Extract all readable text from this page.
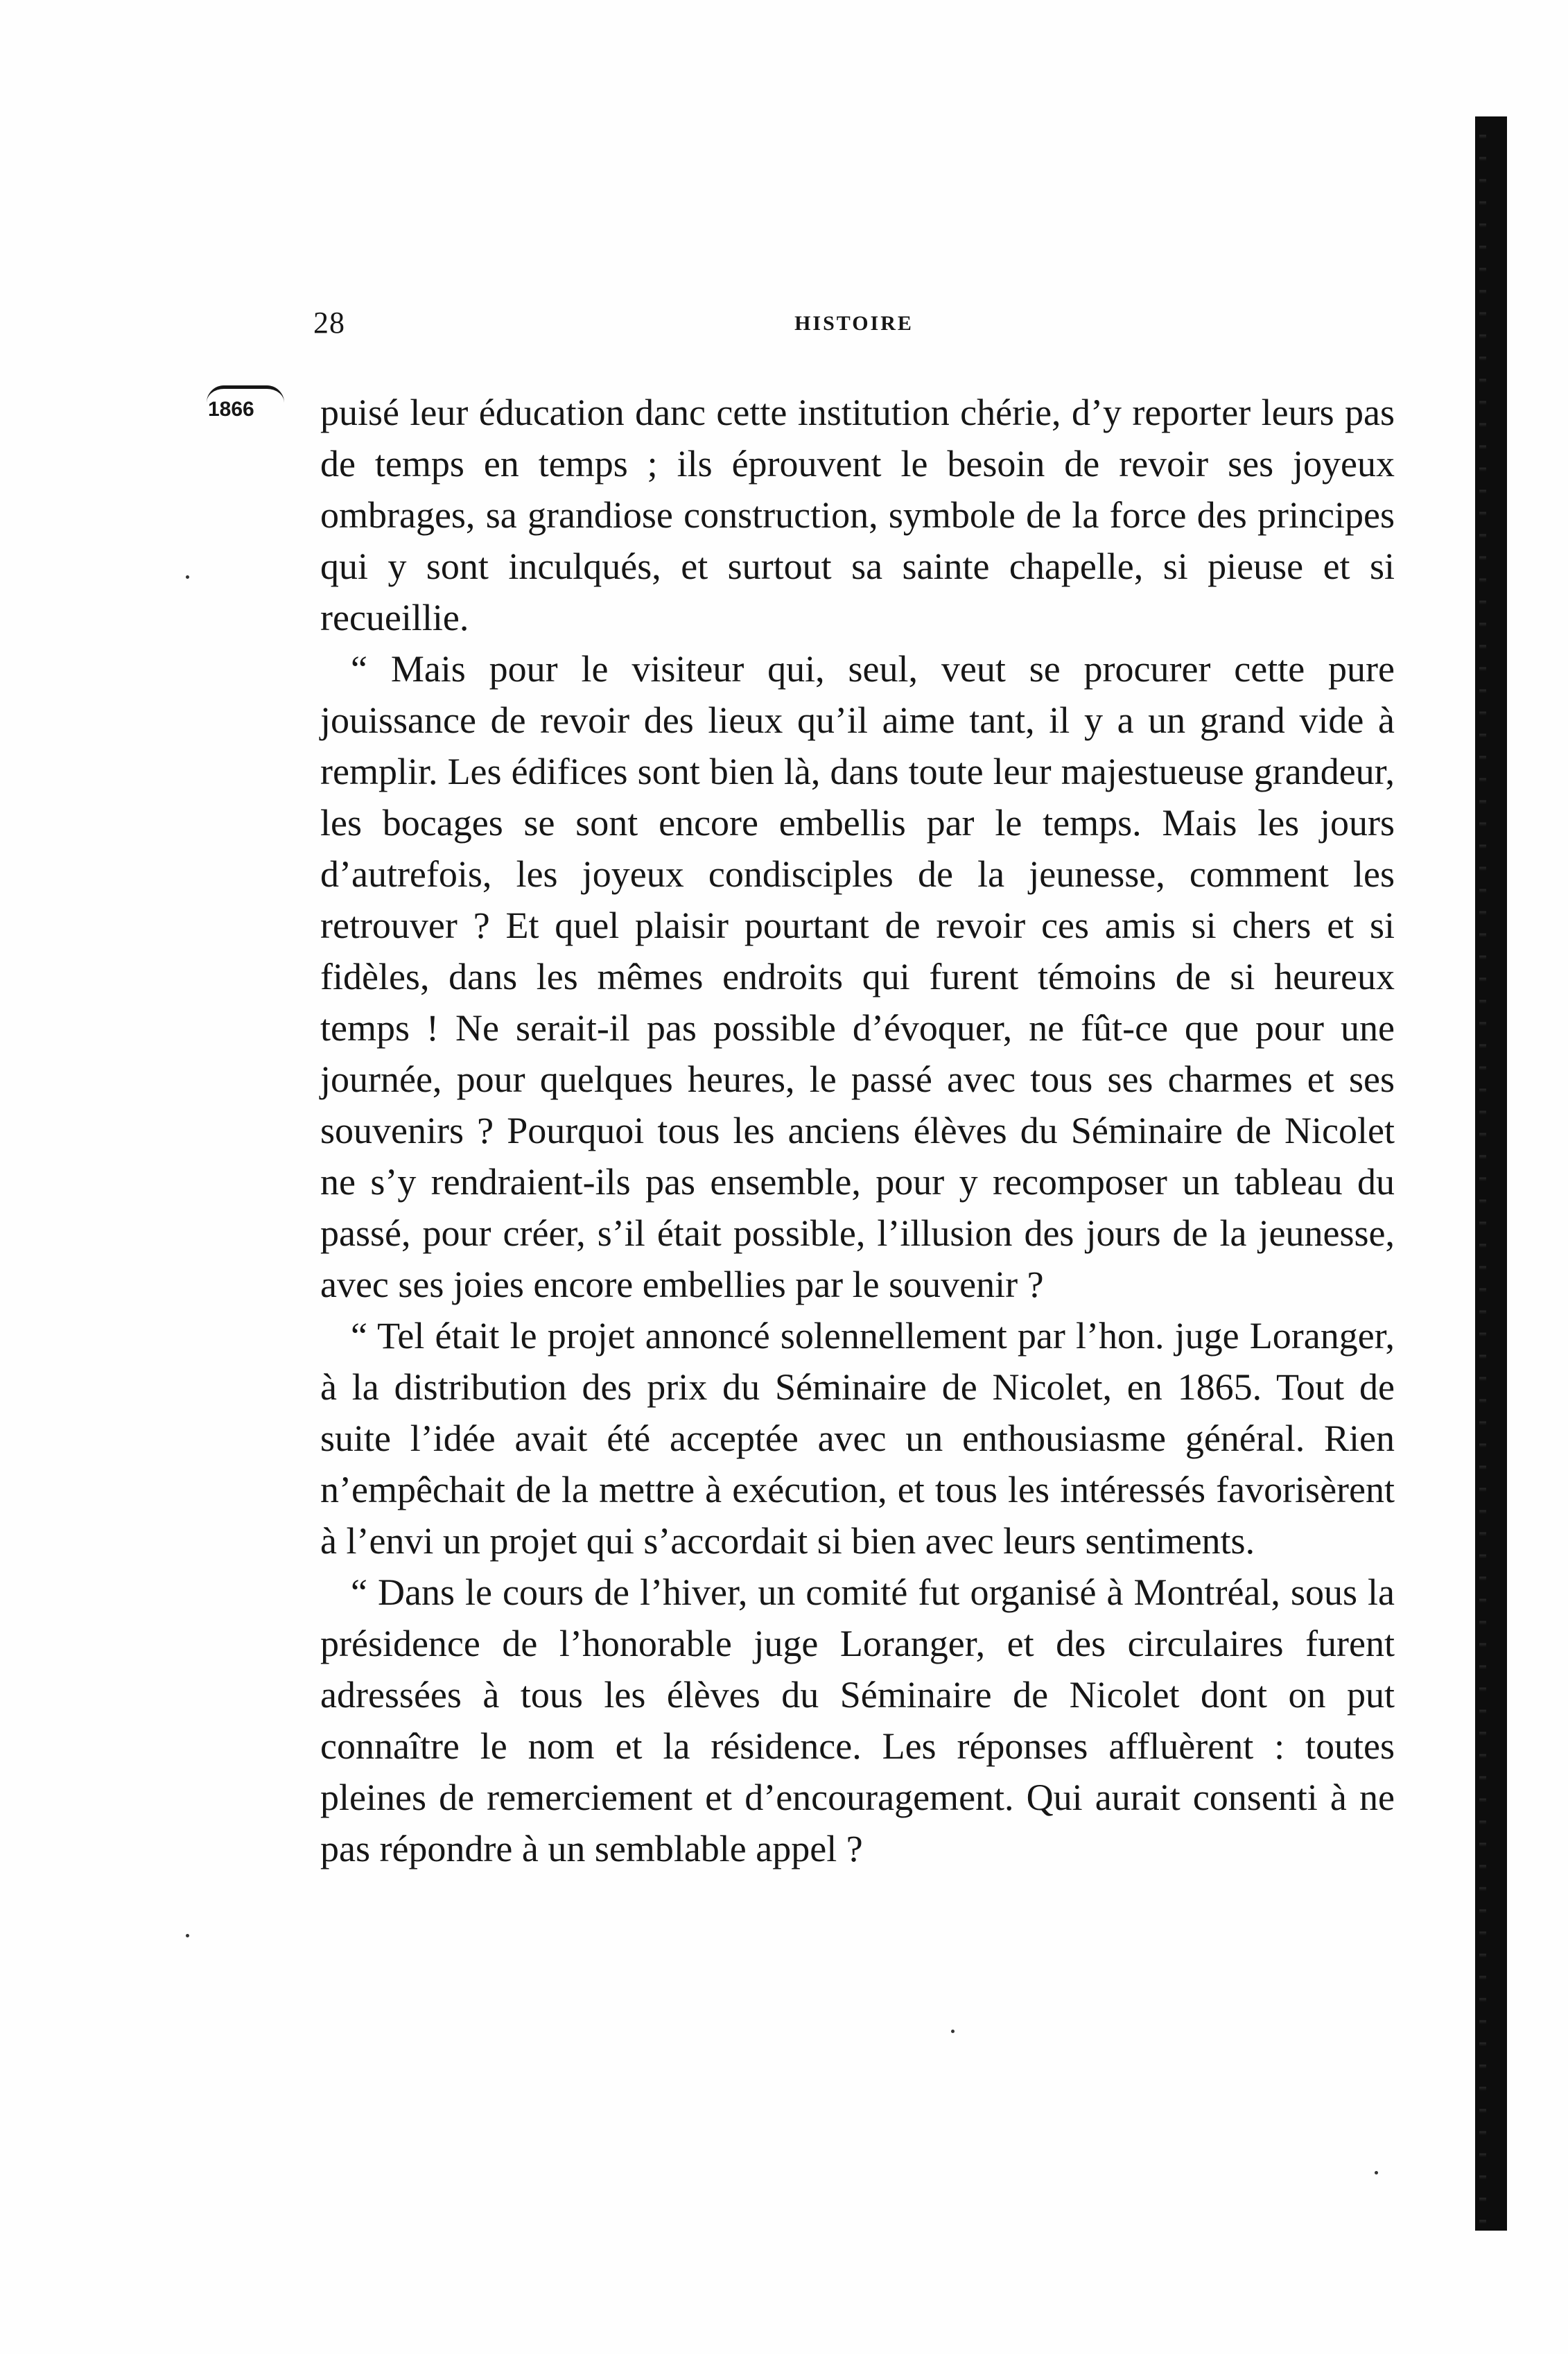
28	HISTOIRE
1866 puisé leur éducation danc cette institution chérie, d’y reporter leurs pas de temps en temps ; ils éprouvent le besoin de revoir ses joyeux ombrages, sa grandiose construction, symbole de la force des principes qui y sont inculqués, et surtout sa sainte chapelle, si pieuse et si recueillie.

“ Mais pour le visiteur qui, seul, veut se procurer cette pure jouissance de revoir des lieux qu’il aime tant, il y a un grand vide à remplir. Les édifices sont bien là, dans toute leur majestueuse grandeur, les bocages se sont encore embellis par le temps. Mais les jours d’autrefois, les joyeux condisciples de la jeunesse, comment les retrouver ? Et quel plaisir pourtant de revoir ces amis si chers et si fidèles, dans les mêmes endroits qui furent témoins de si heureux temps ! Ne serait-il pas possible d’évoquer, ne fût-ce que pour une journée, pour quelques heures, le passé avec tous ses charmes et ses souvenirs ? Pourquoi tous les anciens élèves du Séminaire de Nicolet ne s’y rendraient-ils pas ensemble, pour y recomposer un tableau du passé, pour créer, s’il était possible, l’illusion des jours de la jeunesse, avec ses joies encore embellies par le souvenir ?

“ Tel était le projet annoncé solennellement par l’hon. juge Loranger, à la distribution des prix du Séminaire de Nicolet, en 1865. Tout de suite l’idée avait été acceptée avec un enthousiasme général. Rien n’empêchait de la mettre à exécution, et tous les intéressés favorisèrent à l’envi un projet qui s’accordait si bien avec leurs sentiments.

“ Dans le cours de l’hiver, un comité fut organisé à Montréal, sous la présidence de l’honorable juge Loranger, et des circulaires furent adressées à tous les élèves du Séminaire de Nicolet dont on put connaître le nom et la résidence. Les réponses affluèrent : toutes pleines de remerciement et d’encouragement. Qui aurait consenti à ne pas répondre à un semblable appel ?
